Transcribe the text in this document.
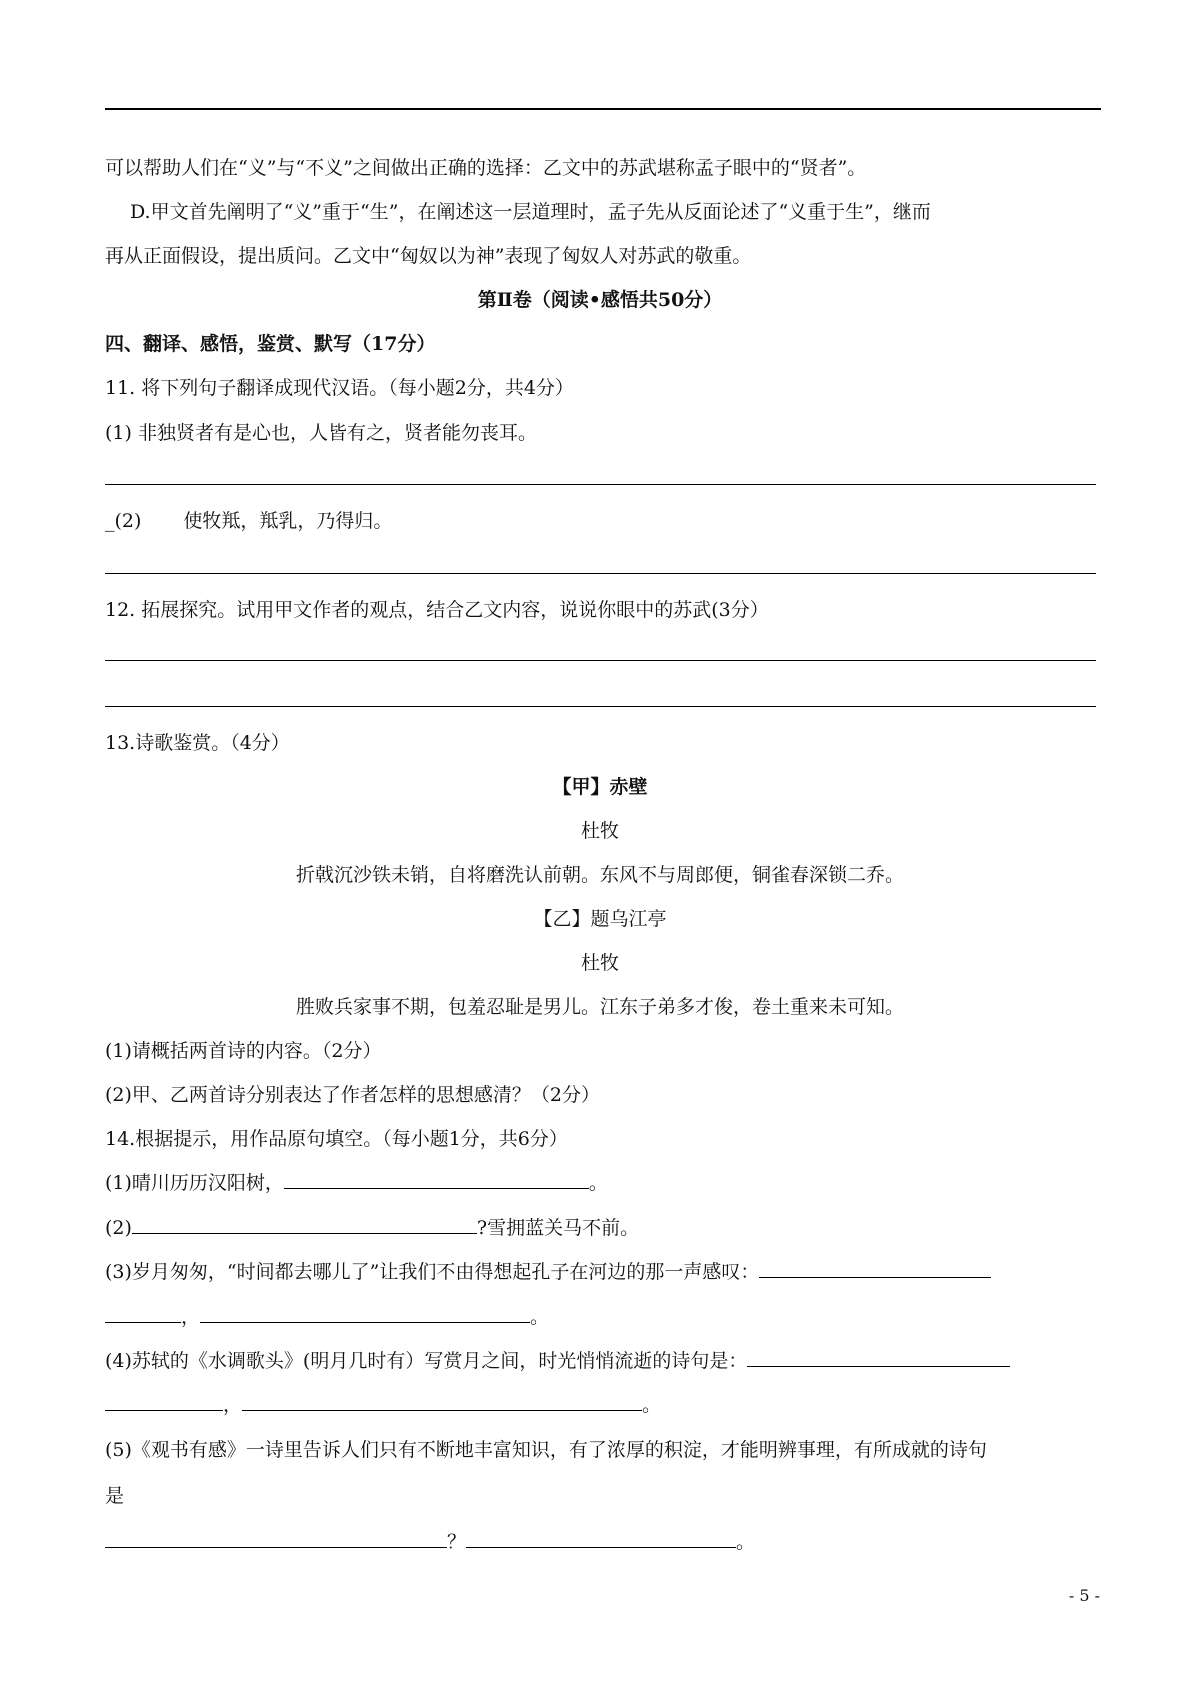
可以帮助人们在“义”与“不义”之间做出正确的选择：乙文中的苏武堪称孟子眼中的“贤者”。
D.甲文首先阐明了“义”重于“生”，在阐述这一层道理时，孟子先从反面论述了“义重于生”，继而
再从正面假设，提出质问。乙文中“匈奴以为神”表现了匈奴人对苏武的敬重。
第Ⅱ卷（阅读•感悟共50分）
四、翻译、感悟，鉴赏、默写（17分）
11. 将下列句子翻译成现代汉语。（每小题2分，共4分）
(1) 非独贤者有是心也，人皆有之，贤者能勿丧耳。
_(2) 使牧羝，羝乳，乃得归。
12. 拓展探究。试用甲文作者的观点，结合乙文内容，说说你眼中的苏武(3分）
13.诗歌鉴赏。（4分）
【甲】赤壁
杜牧
折戟沉沙铁未销，自将磨洗认前朝。东风不与周郎便，铜雀春深锁二乔。
【乙】题乌江亭
杜牧
胜败兵家事不期，包羞忍耻是男儿。江东子弟多才俊，卷土重来未可知。
(1)请概括两首诗的内容。（2分）
(2)甲、乙两首诗分别表达了作者怎样的思想感清？（2分）
14.根据提示，用作品原句填空。（每小题1分，共6分）
(1)晴川历历汉阳树，	。
(2)	?雪拥蓝关马不前。
(3)岁月匆匆，“时间都去哪儿了”让我们不由得想起孔子在河边的那一声感叹：
，	。
(4)苏轼的《水调歌头》(明月几时有）写赏月之间，时光悄悄流逝的诗句是：
，	。
(5)《观书有感》一诗里告诉人们只有不断地丰富知识，有了浓厚的积淀，才能明辨事理，有所成就的诗句
是
？	。
- 5 -
